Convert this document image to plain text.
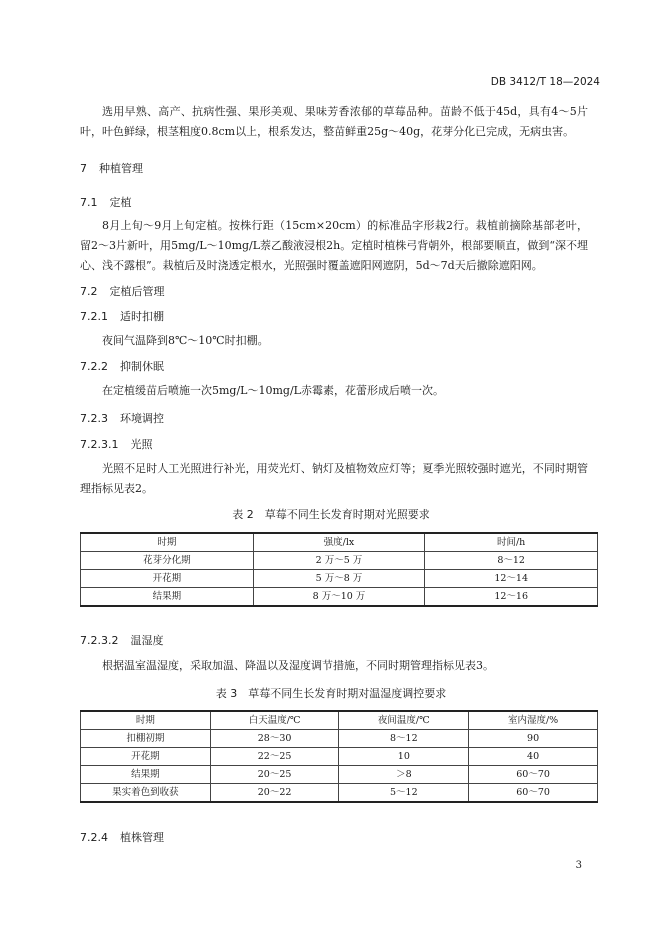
DB 3412/T 18—2024
选用早熟、高产、抗病性强、果形美观、果味芳香浓郁的草莓品种。苗龄不低于45d，具有4～5片叶，叶色鲜绿，根茎粗度0.8cm以上，根系发达，整苗鲜重25g～40g，花芽分化已完成，无病虫害。
7 种植管理
7.1 定植
8月上旬～9月上旬定植。按株行距（15cm×20cm）的标准品字形栽2行。栽植前摘除基部老叶，留2～3片新叶，用5mg/L～10mg/L萘乙酸液浸根2h。定植时植株弓背朝外，根部要顺直，做到“深不埋心、浅不露根”。栽植后及时浇透定根水，光照强时覆盖遮阳网遮阴，5d～7d天后撤除遮阳网。
7.2 定植后管理
7.2.1 适时扣棚
夜间气温降到8℃～10℃时扣棚。
7.2.2 抑制休眠
在定植缓苗后喷施一次5mg/L～10mg/L赤霉素，花蕾形成后喷一次。
7.2.3 环境调控
7.2.3.1 光照
光照不足时人工光照进行补光，用荧光灯、钠灯及植物效应灯等；夏季光照较强时遮光，不同时期管理指标见表2。
表 2　草莓不同生长发育时期对光照要求
时期	强度/lx	时间/h
花芽分化期	2 万～5 万	8～12
开花期	5 万～8 万	12～14
结果期	8 万～10 万	12～16
7.2.3.2 温湿度
根据温室温湿度，采取加温、降温以及湿度调节措施，不同时期管理指标见表3。
表 3　草莓不同生长发育时期对温湿度调控要求
时期	白天温度/℃	夜间温度/℃	室内湿度/%
扣棚初期	28～30	8～12	90
开花期	22～25	10	40
结果期	20～25	＞8	60～70
果实着色到收获	20～22	5～12	60～70
7.2.4 植株管理
3
